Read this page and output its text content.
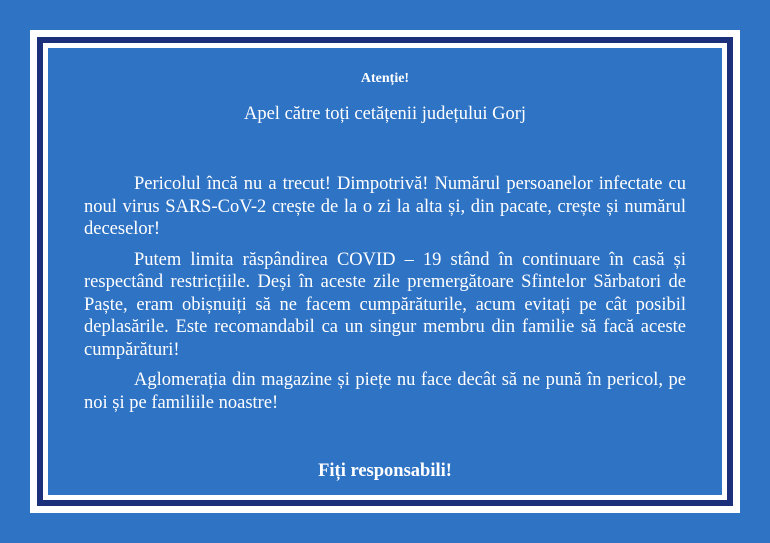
Atenție!
Apel către toți cetățenii județului Gorj

Pericolul încă nu a trecut! Dimpotrivă! Numărul persoanelor infectate cu noul virus SARS-CoV-2 crește de la o zi la alta și, din pacate, crește și numărul deceselor!

Putem limita răspândirea COVID – 19 stând în continuare în casă și respectând restricțiile. Deși în aceste zile premergătoare Sfintelor Sărbatori de Paște, eram obișnuiți să ne facem cumpărăturile, acum evitați pe cât posibil deplasările. Este recomandabil ca un singur membru din familie să facă aceste cumpărături!

Aglomerația din magazine și piețe nu face decât să ne pună în pericol, pe noi și pe familiile noastre!

Fiți responsabili!
